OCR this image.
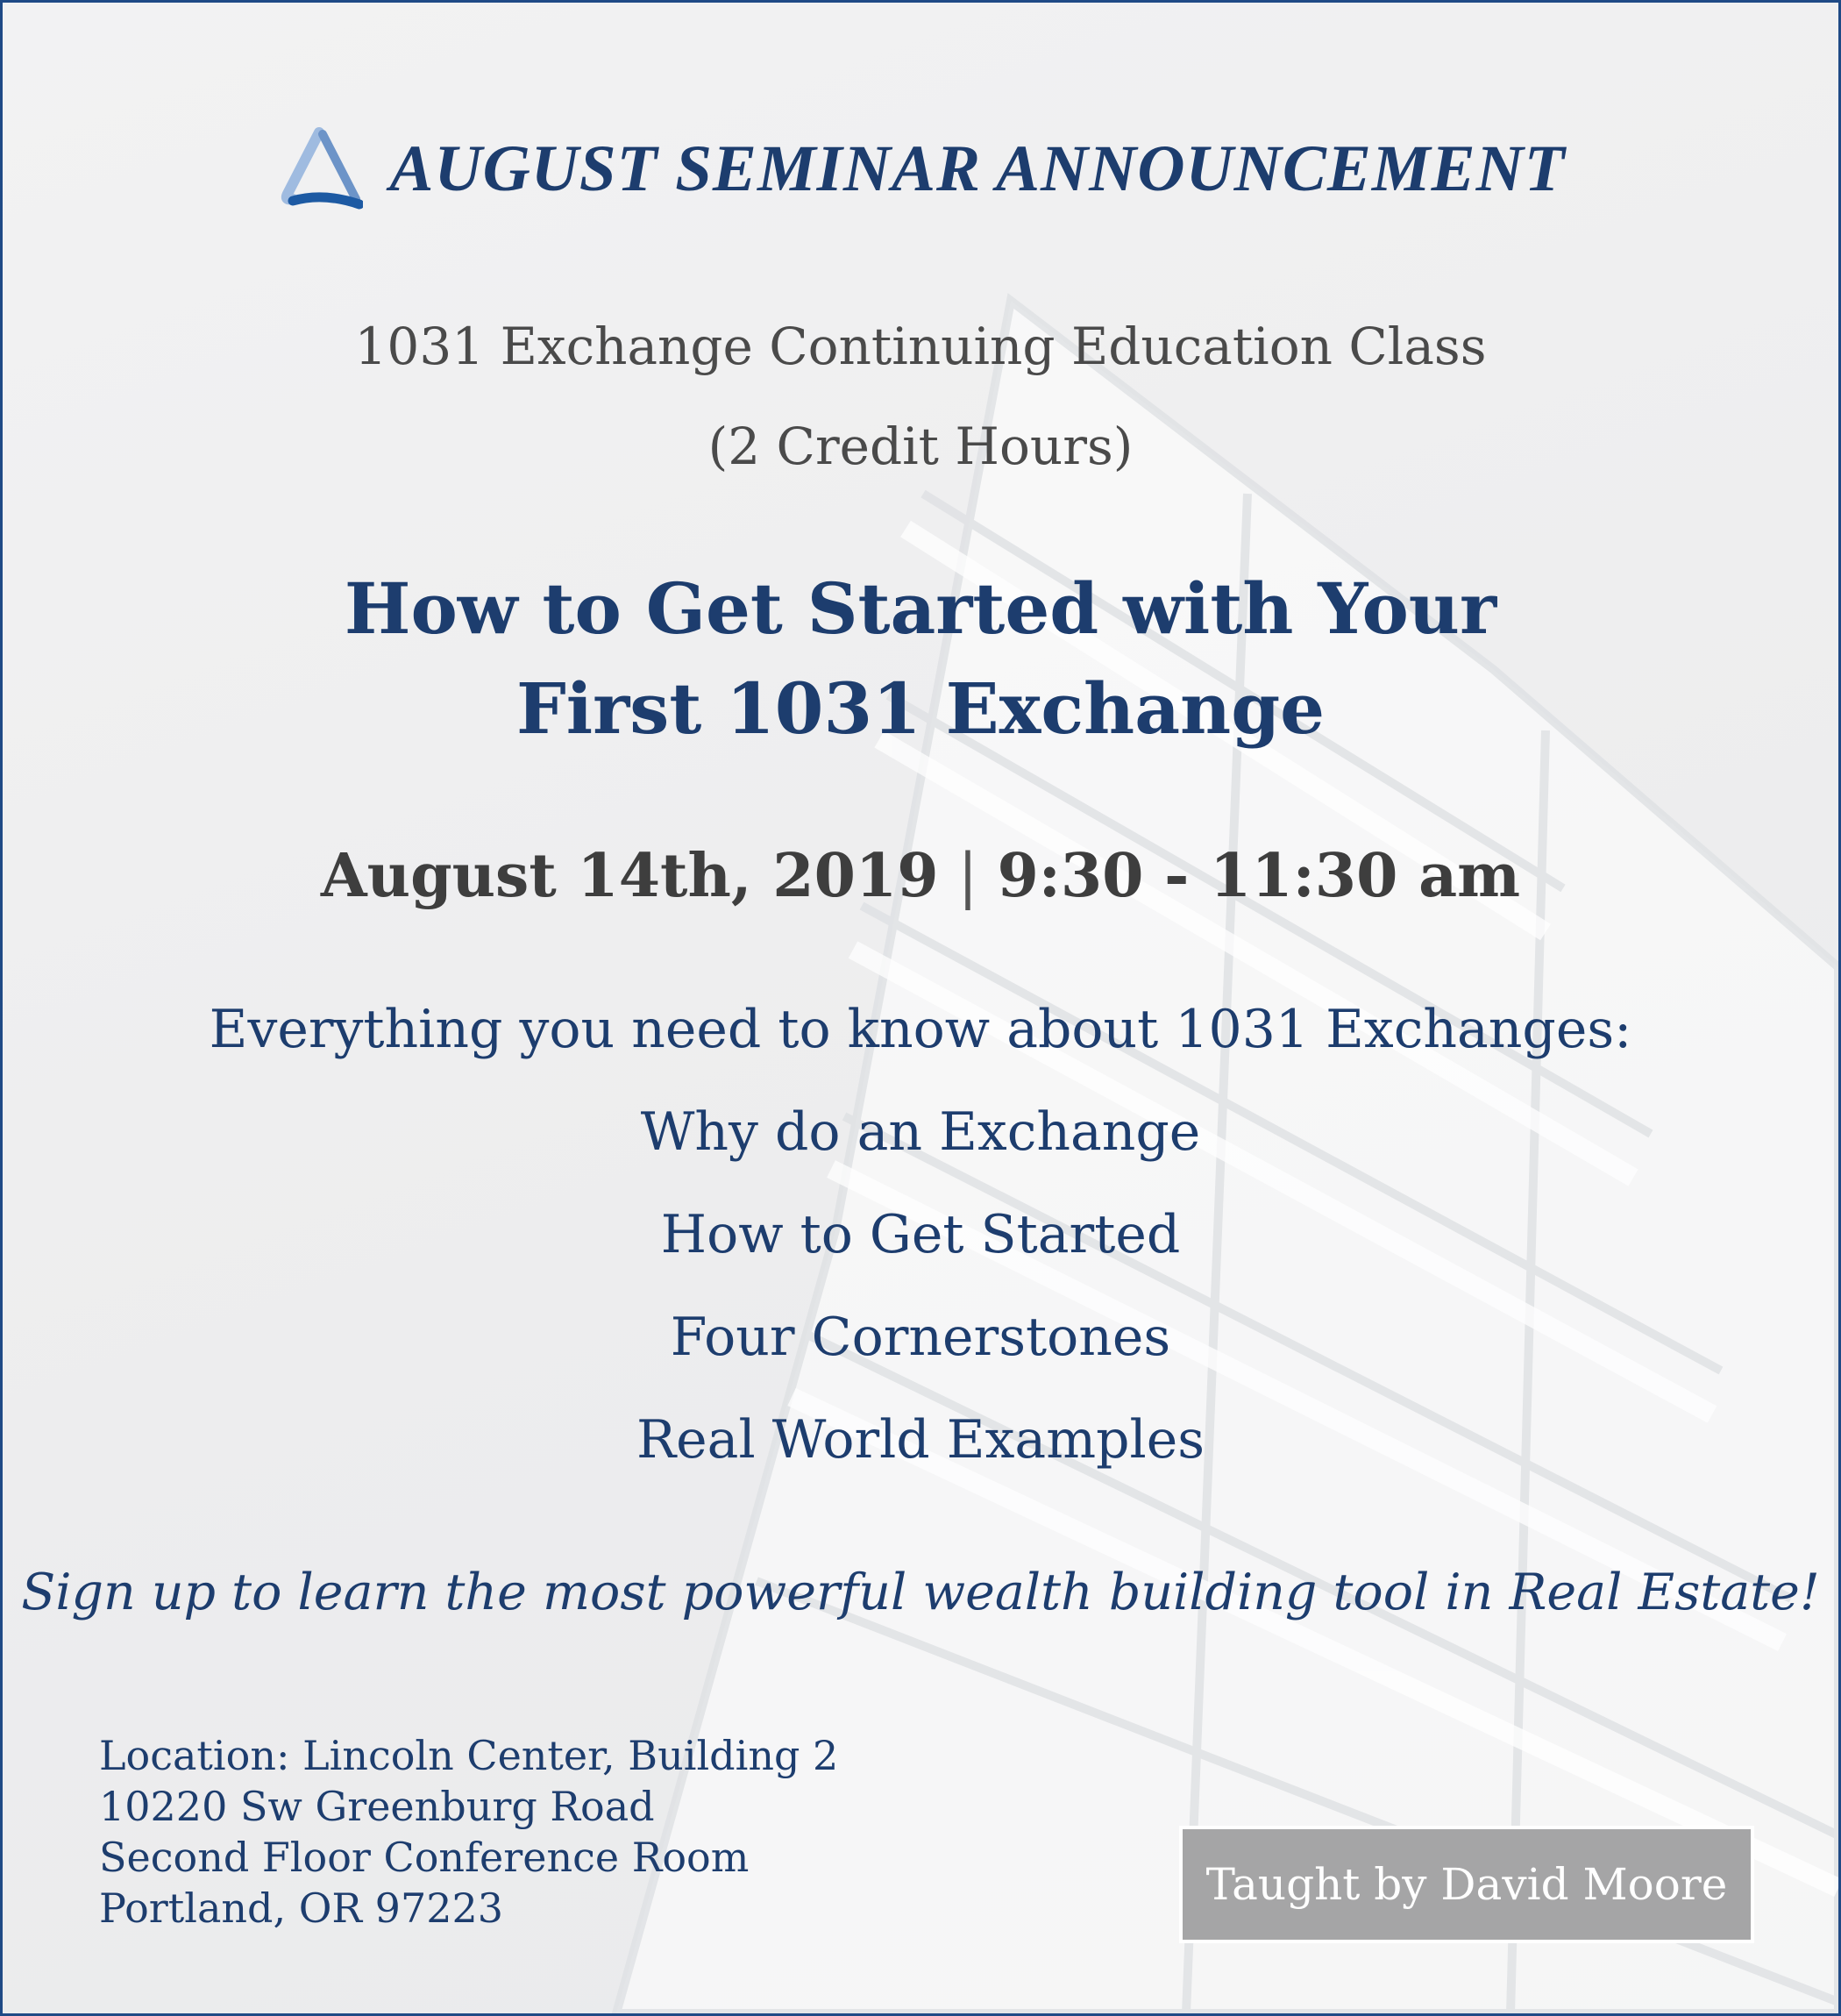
AUGUST SEMINAR ANNOUNCEMENT
1031 Exchange Continuing Education Class
(2 Credit Hours)
How to Get Started with Your
First 1031 Exchange
August 14th, 2019 | 9:30 - 11:30 am
Everything you need to know about 1031 Exchanges:
Why do an Exchange
How to Get Started
Four Cornerstones
Real World Examples
Sign up to learn the most powerful wealth building tool in Real Estate!
Location: Lincoln Center, Building 2
10220 Sw Greenburg Road
Second Floor Conference Room
Portland, OR 97223	Taught by David Moore
